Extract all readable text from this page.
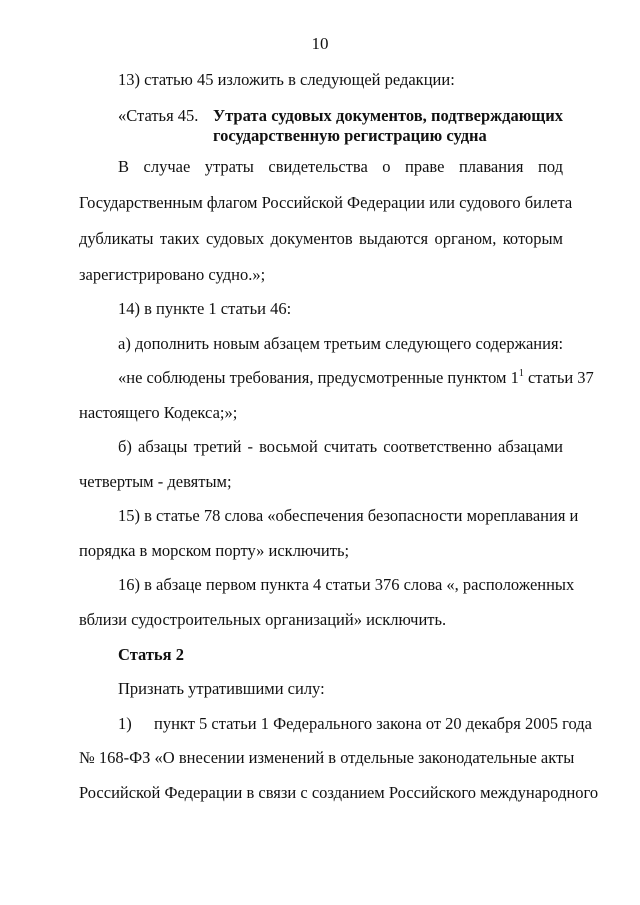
10
13) статью 45 изложить в следующей редакции:
«Статья 45. Утрата судовых документов, подтверждающих
государственную регистрацию судна
В случае утраты свидетельства о праве плавания под
Государственным флагом Российской Федерации или судового билета
дубликаты таких судовых документов выдаются органом, которым
зарегистрировано судно.»;
14) в пункте 1 статьи 46:
а) дополнить новым абзацем третьим следующего содержания:
«не соблюдены требования, предусмотренные пунктом $1^1$ статьи 37
настоящего Кодекса;»;
б) абзацы третий - восьмой считать соответственно абзацами
четвертым - девятым;
15) в статье 78 слова «обеспечения безопасности мореплавания и
порядка в морском порту» исключить;
16) в абзаце первом пункта 4 статьи 376 слова «, расположенных
вблизи судостроительных организаций» исключить.
Статья 2
Признать утратившими силу:
1) пункт 5 статьи 1 Федерального закона от 20 декабря 2005 года
№ 168-ФЗ «О внесении изменений в отдельные законодательные акты
Российской Федерации в связи с созданием Российского международного
